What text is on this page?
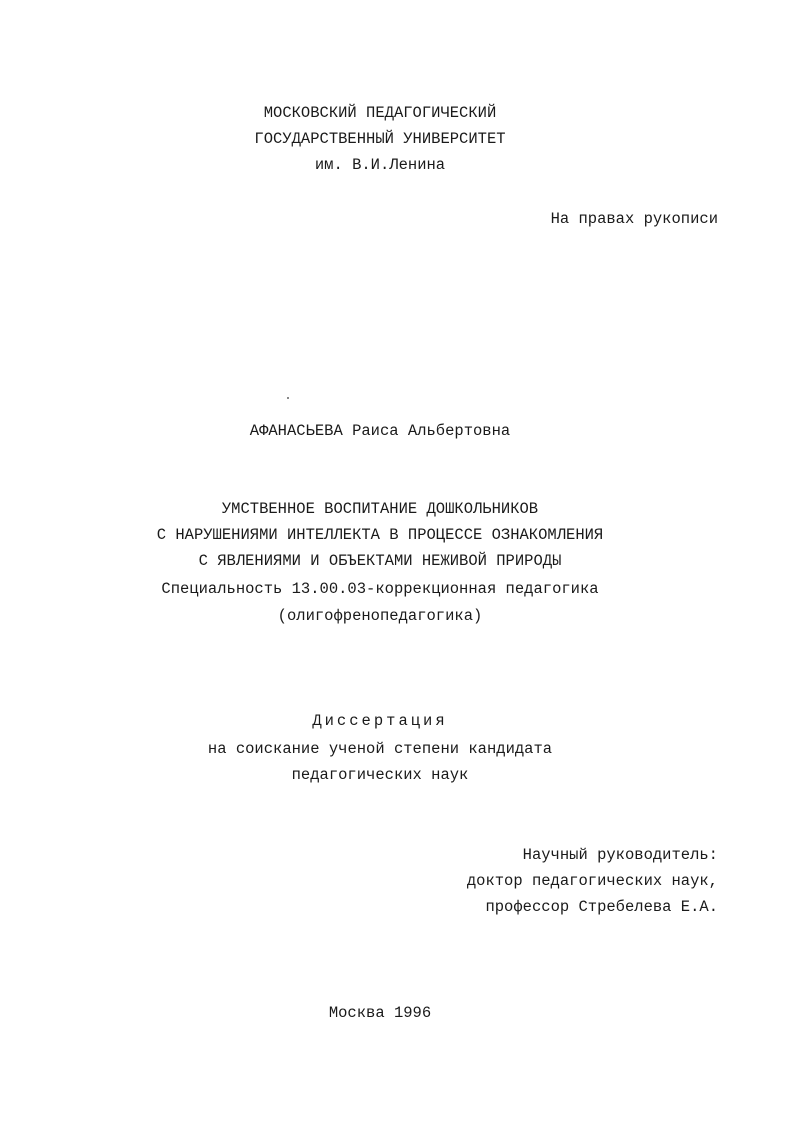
МОСКОВСКИЙ ПЕДАГОГИЧЕСКИЙ
ГОСУДАРСТВЕННЫЙ УНИВЕРСИТЕТ
им. В.И.Ленина
На правах рукописи
АФАНАСЬЕВА Раиса Альбертовна
УМСТВЕННОЕ ВОСПИТАНИЕ ДОШКОЛЬНИКОВ
С НАРУШЕНИЯМИ ИНТЕЛЛЕКТА В ПРОЦЕССЕ ОЗНАКОМЛЕНИЯ
С ЯВЛЕНИЯМИ И ОБЪЕКТАМИ НЕЖИВОЙ ПРИРОДЫ
Специальность 13.00.03-коррекционная педагогика
(олигофренопедагогика)
Диссертация
на соискание ученой степени кандидата
педагогических наук
Научный руководитель:
доктор педагогических наук,
профессор Стребелева Е.А.
Москва 1996
